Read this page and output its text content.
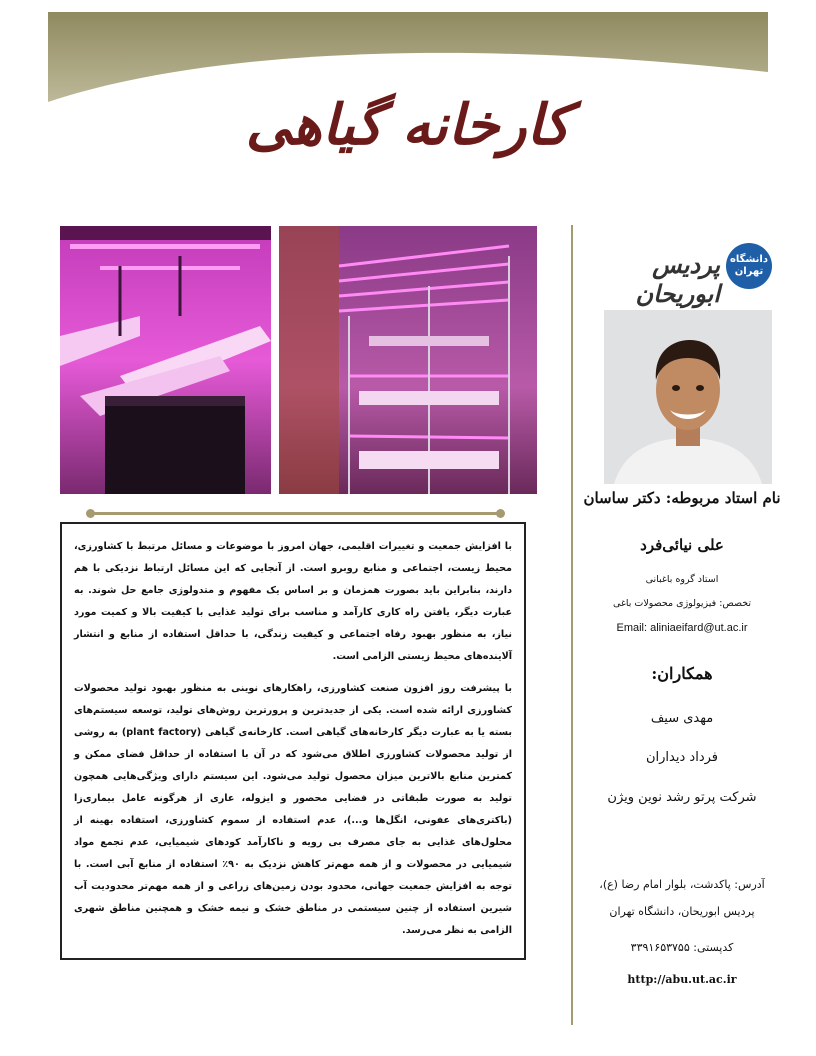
کارخانه گیاهی

با افزایش جمعیت و تغییرات اقلیمی، جهان امروز با موضوعات و مسائل مرتبط با کشاورزی، محیط زیست، اجتماعی و منابع روبرو است. از آنجایی که این مسائل ارتباط نزدیکی با هم دارند، بنابراین باید بصورت همزمان و بر اساس یک مفهوم و متدولوژی جامع حل شوند. به عبارت دیگر، یافتن راه کاری کارآمد و مناسب برای تولید غذایی با کیفیت بالا و کمیت مورد نیاز، به منظور بهبود رفاه اجتماعی و کیفیت زندگی، با حداقل استفاده از منابع و انتشار آلاینده‌های محیط زیستی الزامی است.

با پیشرفت روز افزون صنعت کشاورزی، راهکارهای نوینی به منظور بهبود تولید محصولات کشاورزی ارائه شده است. یکی از جدیدترین و پرورترین روش‌های تولید، توسعه سیستم‌های بسته یا به عبارت دیگر کارخانه‌های گیاهی است. کارخانه‌ی گیاهی (plant factory) به روشی از تولید محصولات کشاورزی اطلاق می‌شود که در آن با استفاده از حداقل فضای ممکن و کمترین منابع بالاترین میزان محصول تولید می‌شود. این سیستم دارای ویژگی‌هایی همچون تولید به صورت طبقاتی در فضایی محصور و ایزوله، عاری از هرگونه عامل بیماری‌زا (باکتری‌های عفونی، انگل‌ها و...)، عدم استفاده از سموم کشاورزی، استفاده بهینه از محلول‌های غذایی به جای مصرف بی رویه و ناکارآمد کودهای شیمیایی، عدم تجمع مواد شیمیایی در محصولات و از همه مهم‌تر کاهش نزدیک به ۹۰٪ استفاده از منابع آبی است. با توجه به افزایش جمعیت جهانی، محدود بودن زمین‌های زراعی و از همه مهم‌تر محدودیت آب شیرین استفاده از چنین سیستمی در مناطق خشک و نیمه خشک و همچنین مناطق شهری الزامی به نظر می‌رسد.

پردیس ابوریحان
دانشگاه تهران
نام استاد مربوطه: دکتر ساسان
علی نیائی‌فرد
استاد گروه باغبانی
تخصص: فیزیولوژی محصولات باغی
Email: aliniaeifard@ut.ac.ir
همکاران:
مهدی سیف
فرداد دیداران
شرکت پرتو رشد نوین ویژن
آدرس: پاکدشت، بلوار امام رضا (ع)،
پردیس ابوریحان، دانشگاه تهران
کدپستی: ۳۳۹۱۶۵۳۷۵۵
http://abu.ut.ac.ir
